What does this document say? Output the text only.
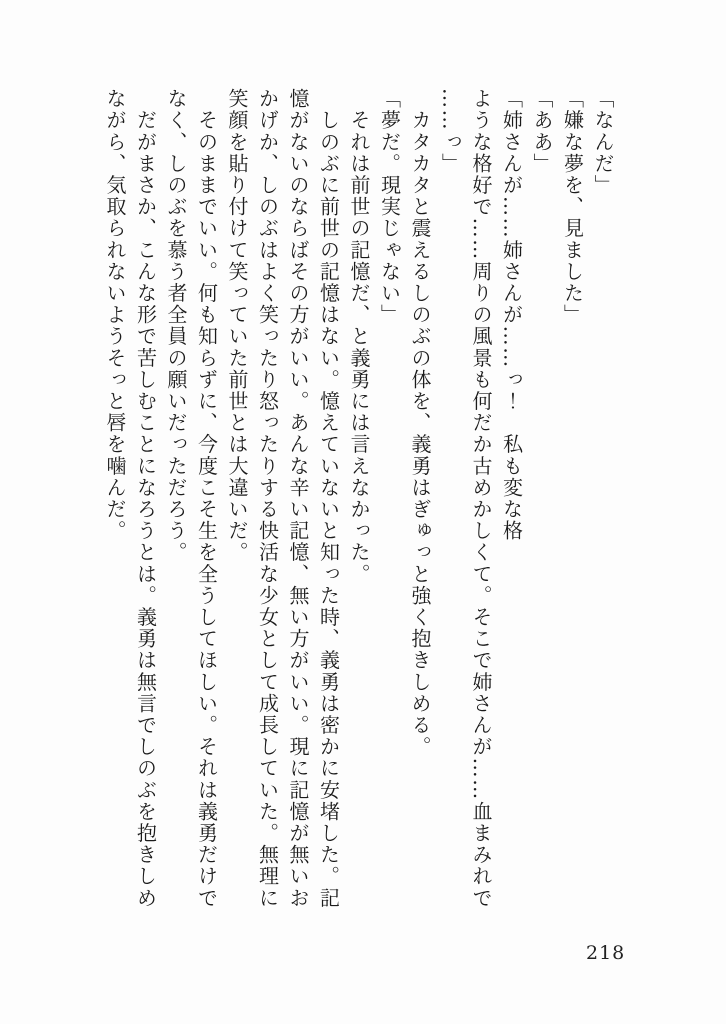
「なんだ」

「嫌な夢を、見ました」

「ああ」

「姉さんが……姉さんが……っ！　私も変な格

ような格好で……周りの風景も何だか古めかしくて。そこで姉さんが……血まみれで

……っ」

　カタカタと震えるしのぶの体を、義勇はぎゅっと強く抱きしめる。

「夢だ。現実じゃない」

　それは前世の記憶だ、と義勇には言えなかった。

　しのぶに前世の記憶はない。憶えていないと知った時、義勇は密かに安堵した。記

憶がないのならばその方がいい。あんな辛い記憶、無い方がいい。現に記憶が無いお

かげか、しのぶはよく笑ったり怒ったりする快活な少女として成長していた。無理に

笑顔を貼り付けて笑っていた前世とは大違いだ。

　そのままでいい。何も知らずに、今度こそ生を全うしてほしい。それは義勇だけで

なく、しのぶを慕う者全員の願いだっただろう。

　だがまさか、こんな形で苦しむことになろうとは。義勇は無言でしのぶを抱きしめ

ながら、気取られないようそっと唇を噛んだ。

218
